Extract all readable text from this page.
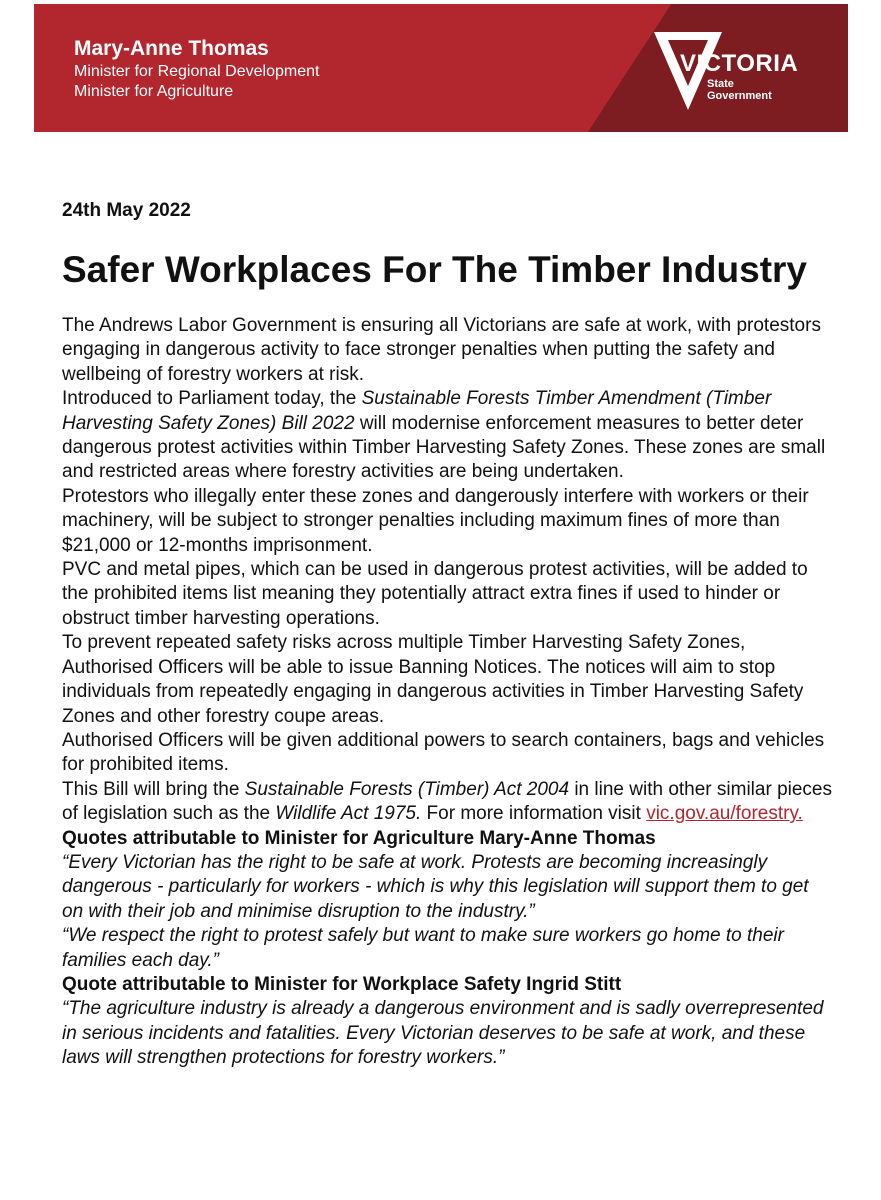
Mary-Anne Thomas
Minister for Regional Development
Minister for Agriculture
VICTORIA
State
Government

24th May 2022

Safer Workplaces For The Timber Industry

The Andrews Labor Government is ensuring all Victorians are safe at work, with protestors engaging in dangerous activity to face stronger penalties when putting the safety and wellbeing of forestry workers at risk.

Introduced to Parliament today, the Sustainable Forests Timber Amendment (Timber Harvesting Safety Zones) Bill 2022 will modernise enforcement measures to better deter dangerous protest activities within Timber Harvesting Safety Zones. These zones are small and restricted areas where forestry activities are being undertaken.

Protestors who illegally enter these zones and dangerously interfere with workers or their machinery, will be subject to stronger penalties including maximum fines of more than $21,000 or 12-months imprisonment.

PVC and metal pipes, which can be used in dangerous protest activities, will be added to the prohibited items list meaning they potentially attract extra fines if used to hinder or obstruct timber harvesting operations.

To prevent repeated safety risks across multiple Timber Harvesting Safety Zones, Authorised Officers will be able to issue Banning Notices. The notices will aim to stop individuals from repeatedly engaging in dangerous activities in Timber Harvesting Safety Zones and other forestry coupe areas.

Authorised Officers will be given additional powers to search containers, bags and vehicles for prohibited items.

This Bill will bring the Sustainable Forests (Timber) Act 2004 in line with other similar pieces of legislation such as the Wildlife Act 1975. For more information visit vic.gov.au/forestry.

Quotes attributable to Minister for Agriculture Mary-Anne Thomas

“Every Victorian has the right to be safe at work. Protests are becoming increasingly dangerous - particularly for workers - which is why this legislation will support them to get on with their job and minimise disruption to the industry.”

“We respect the right to protest safely but want to make sure workers go home to their families each day.”

Quote attributable to Minister for Workplace Safety Ingrid Stitt

“The agriculture industry is already a dangerous environment and is sadly overrepresented in serious incidents and fatalities. Every Victorian deserves to be safe at work, and these laws will strengthen protections for forestry workers.”
